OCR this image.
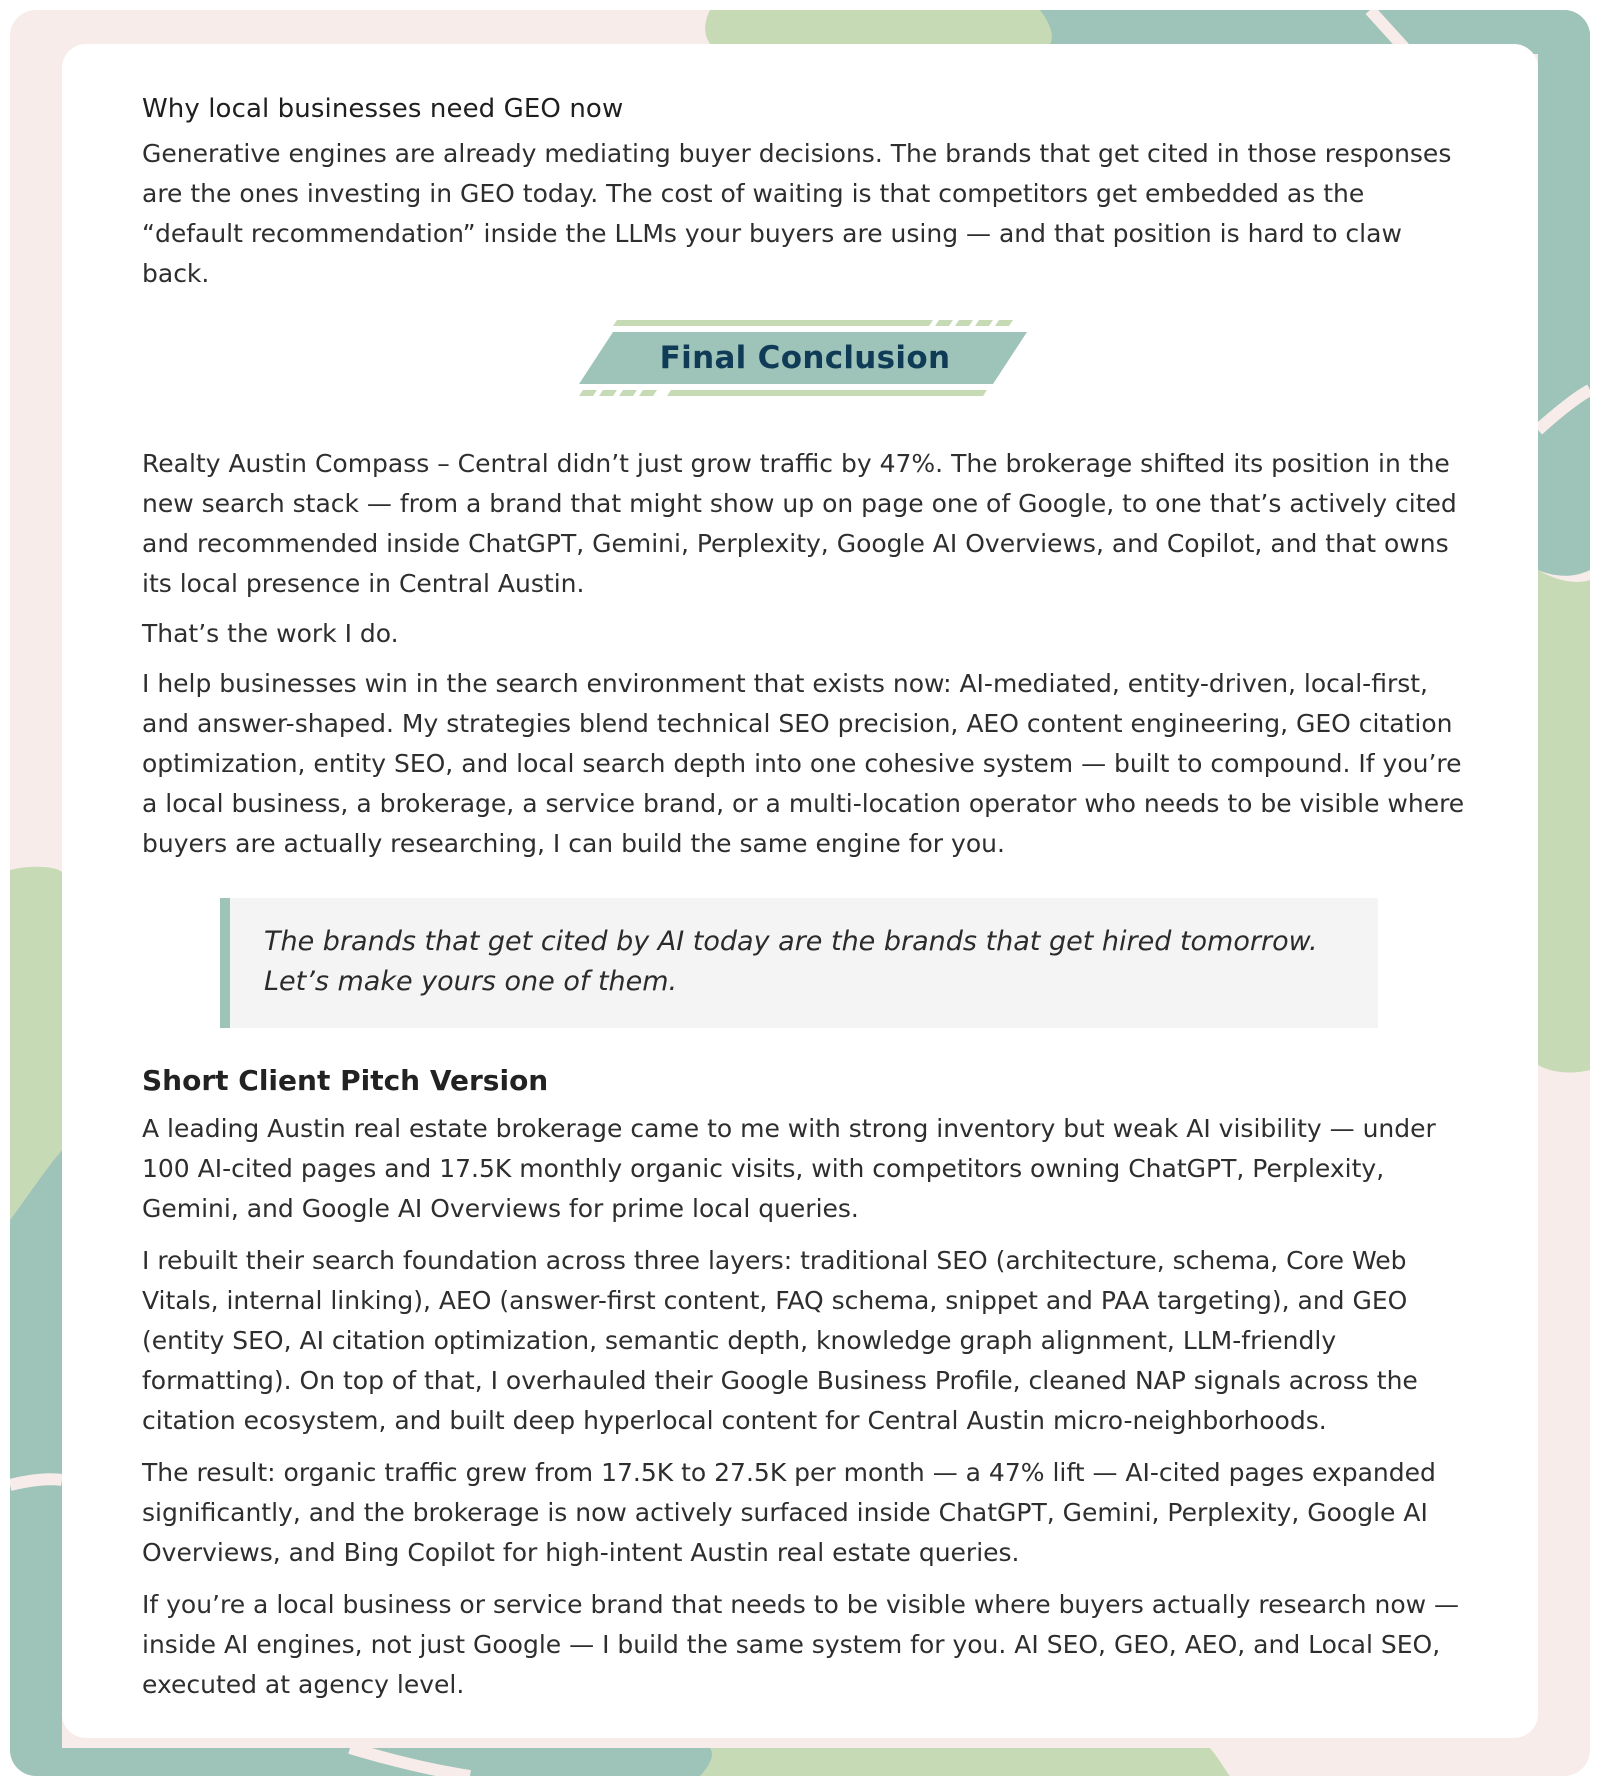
Why local businesses need GEO now

Generative engines are already mediating buyer decisions. The brands that get cited in those responses are the ones investing in GEO today. The cost of waiting is that competitors get embedded as the “default recommendation” inside the LLMs your buyers are using — and that position is hard to claw back.

Final Conclusion

Realty Austin Compass – Central didn’t just grow traffic by 47%. The brokerage shifted its position in the new search stack — from a brand that might show up on page one of Google, to one that’s actively cited and recommended inside ChatGPT, Gemini, Perplexity, Google AI Overviews, and Copilot, and that owns its local presence in Central Austin.

That’s the work I do.

I help businesses win in the search environment that exists now: AI-mediated, entity-driven, local-first, and answer-shaped. My strategies blend technical SEO precision, AEO content engineering, GEO citation optimization, entity SEO, and local search depth into one cohesive system — built to compound. If you’re a local business, a brokerage, a service brand, or a multi-location operator who needs to be visible where buyers are actually researching, I can build the same engine for you.

The brands that get cited by AI today are the brands that get hired tomorrow. Let’s make yours one of them.

Short Client Pitch Version

A leading Austin real estate brokerage came to me with strong inventory but weak AI visibility — under 100 AI-cited pages and 17.5K monthly organic visits, with competitors owning ChatGPT, Perplexity, Gemini, and Google AI Overviews for prime local queries.

I rebuilt their search foundation across three layers: traditional SEO (architecture, schema, Core Web Vitals, internal linking), AEO (answer-first content, FAQ schema, snippet and PAA targeting), and GEO (entity SEO, AI citation optimization, semantic depth, knowledge graph alignment, LLM-friendly formatting). On top of that, I overhauled their Google Business Profile, cleaned NAP signals across the citation ecosystem, and built deep hyperlocal content for Central Austin micro-neighborhoods.

The result: organic traffic grew from 17.5K to 27.5K per month — a 47% lift — AI-cited pages expanded significantly, and the brokerage is now actively surfaced inside ChatGPT, Gemini, Perplexity, Google AI Overviews, and Bing Copilot for high-intent Austin real estate queries.

If you’re a local business or service brand that needs to be visible where buyers actually research now — inside AI engines, not just Google — I build the same system for you. AI SEO, GEO, AEO, and Local SEO, executed at agency level.
